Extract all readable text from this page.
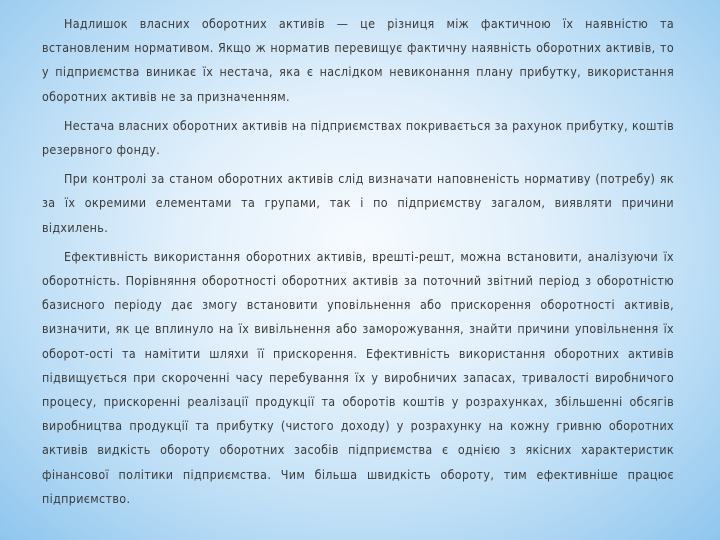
Надлишок власних оборотних активів — це різниця між фактичною їх наявністю та встановленим нормативом. Якщо ж норматив перевищує фактичну наявність оборотних активів, то у підприємства виникає їх нестача, яка є наслідком невиконання плану прибутку, використання оборотних активів не за призначенням.

Нестача власних оборотних активів на підприємствах покривається за рахунок прибутку, коштів резервного фонду.

При контролі за станом оборотних активів слід визначати наповненість нормативу (потребу) як за їх окремими елементами та групами, так і по підприємству загалом, виявляти причини відхилень.

Ефективність використання оборотних активів, врешті-решт, можна встановити, аналізуючи їх оборотність. Порівняння оборотності оборотних активів за поточний звітний період з оборотністю базисного періоду дає змогу встановити уповільнення або прискорення оборотності активів, визначити, як це вплинуло на їх вивільнення або заморожування, знайти причини уповільнення їх оборот-ості та намітити шляхи її прискорення. Ефективність використання оборотних активів підвищується при скороченні часу перебування їх у виробничих запасах, тривалості виробничого процесу, прискоренні реалізації продукції та оборотів коштів у розрахунках, збільшенні обсягів виробництва продукції та прибутку (чистого доходу) у розрахунку на кожну гривню оборотних активів видкість обороту оборотних засобів підприємства є однією з якісних характеристик фінансової політики підприємства. Чим більша швидкість обороту, тим ефективніше працює підприємство.
